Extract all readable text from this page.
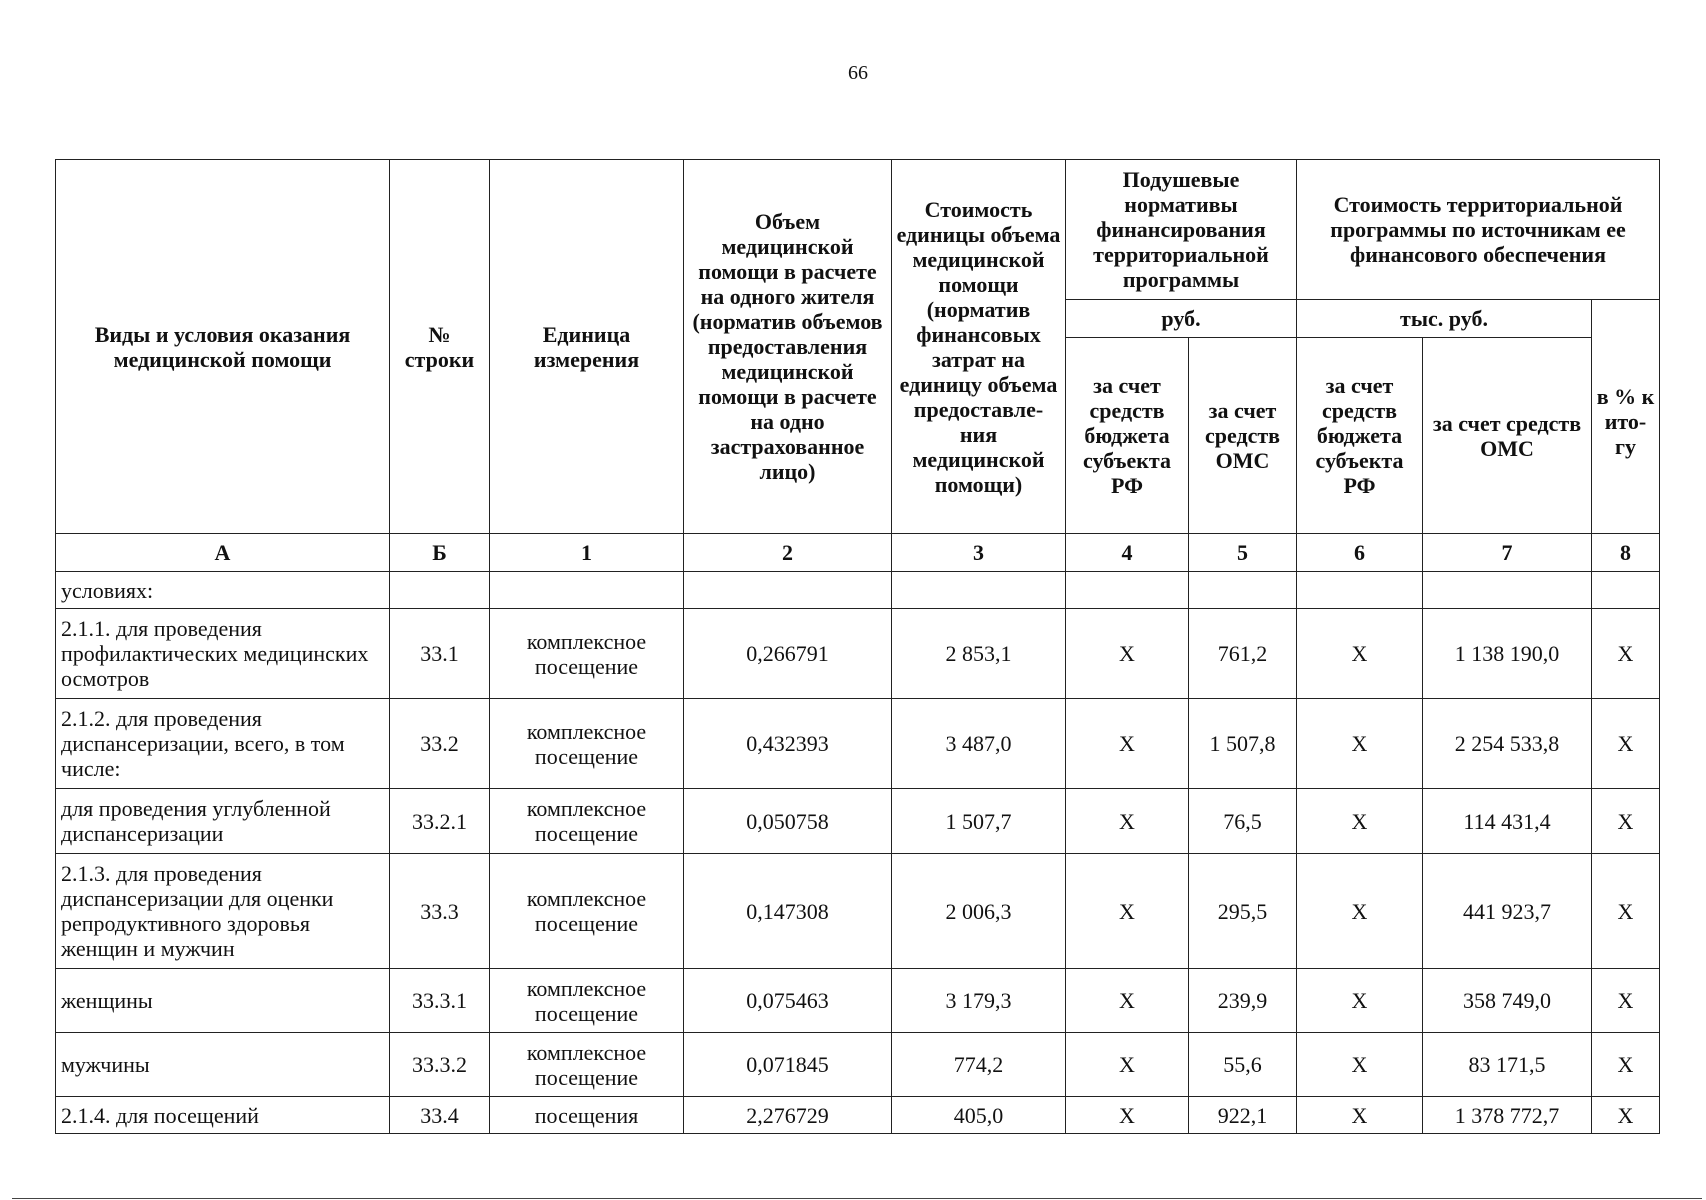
66
Виды и условия оказания медицинской помощи	№ строки	Единица измерения	Объем медицинской помощи в расчете на одного жителя (норматив объемов предоставления медицинской помощи в расчете на одно застрахованное лицо)	Стоимость единицы объема медицинской помощи (норматив финансовых затрат на единицу объема предоставле-ния медицинской помощи)	Подушевые нормативы финансирования территориальной программы		Стоимость территориальной программы по источникам ее финансового обеспечения		
					руб.		тыс. руб.		в % к ито-гу
					за счет средств бюджета субъекта РФ	за счет средств ОМС	за счет средств бюджета субъекта РФ	за счет средств ОМС	

А	Б	1	2	3	4	5	6	7	8
условиях:									
2.1.1. для проведения профилактических медицинских осмотров	33.1	комплексное посещение	0,266791	2 853,1	X	761,2	X	1 138 190,0	X
2.1.2. для проведения диспансеризации, всего, в том числе:	33.2	комплексное посещение	0,432393	3 487,0	X	1 507,8	X	2 254 533,8	X
для проведения углубленной диспансеризации	33.2.1	комплексное посещение	0,050758	1 507,7	X	76,5	X	114 431,4	X
2.1.3. для проведения диспансеризации для оценки репродуктивного здоровья женщин и мужчин	33.3	комплексное посещение	0,147308	2 006,3	X	295,5	X	441 923,7	X
женщины	33.3.1	комплексное посещение	0,075463	3 179,3	X	239,9	X	358 749,0	X
мужчины	33.3.2	комплексное посещение	0,071845	774,2	X	55,6	X	83 171,5	X
2.1.4. для посещений	33.4	посещения	2,276729	405,0	X	922,1	X	1 378 772,7	X
